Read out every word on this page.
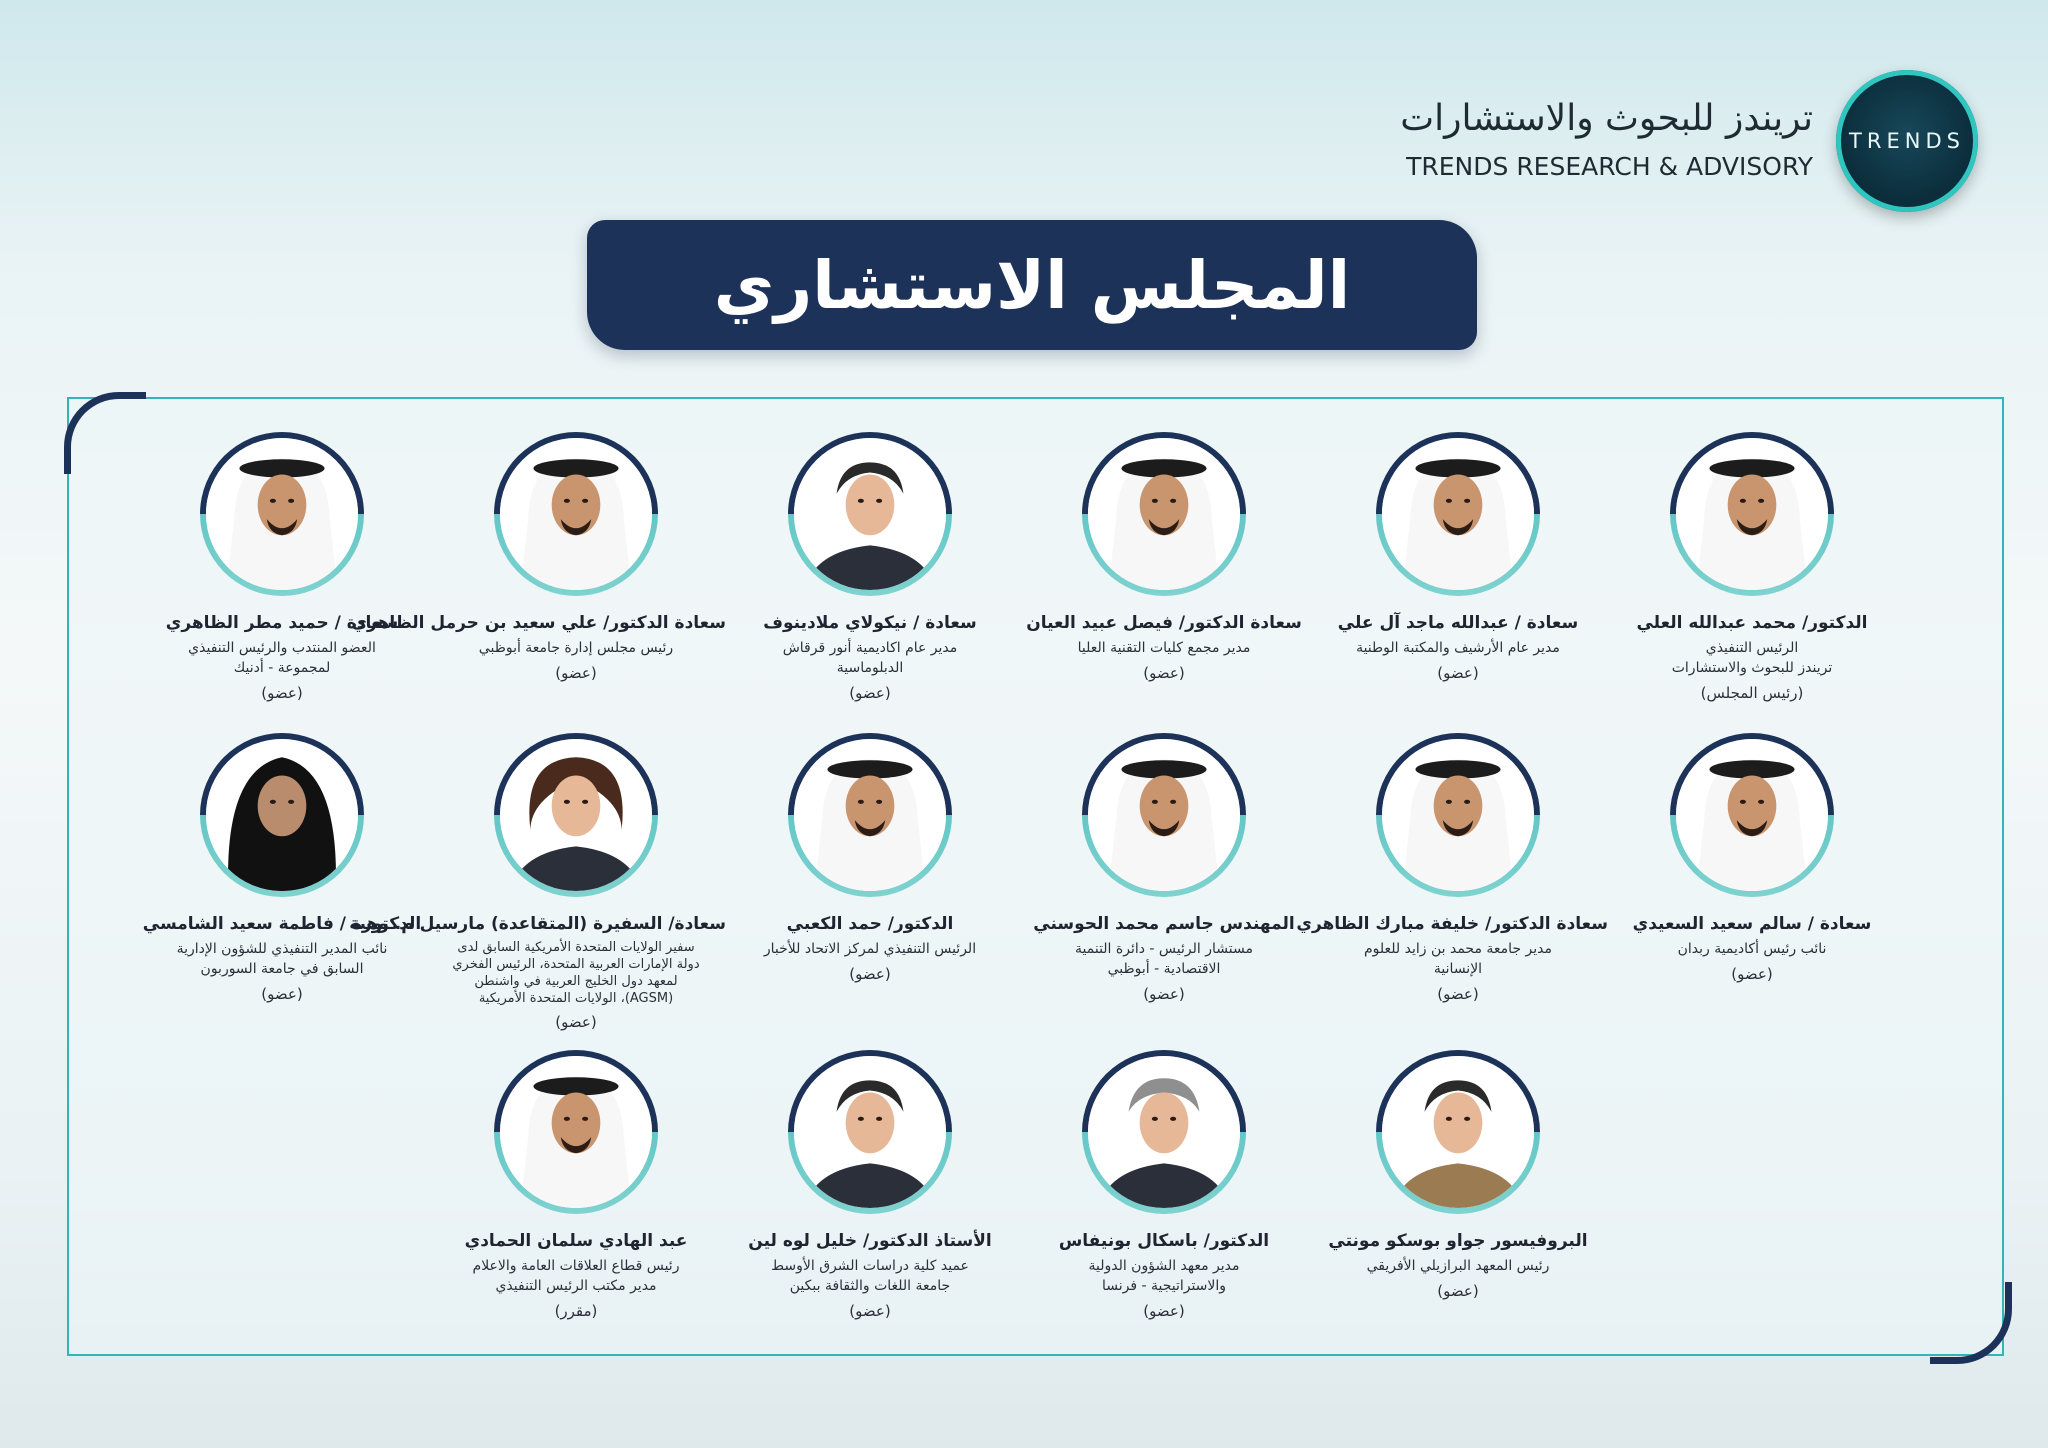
TRENDS
تريندز للبحوث والاستشارات
TRENDS RESEARCH & ADVISORY
المجلس الاستشاري
الدكتور/ محمد عبدالله العلي
الرئيس التنفيذي
تريندز للبحوث والاستشارات
(رئيس المجلس)
سعادة / عبدالله ماجد آل علي
مدير عام الأرشيف والمكتبة الوطنية
(عضو)
سعادة الدكتور/ فيصل عبيد العيان
مدير مجمع كليات التقنية العليا
(عضو)
سعادة / نيكولاي ملادينوف
مدير عام اكاديمية أنور قرقاش
الدبلوماسية
(عضو)
سعادة الدكتور/ علي سعيد بن حرمل الظاهري
رئيس مجلس إدارة جامعة أبوظبي
(عضو)
سعادة / حميد مطر الظاهري
العضو المنتدب والرئيس التنفيذي
لمجموعة - أدنيك
(عضو)
سعادة / سالم سعيد السعيدي
نائب رئيس أكاديمية ربدان
(عضو)
سعادة الدكتور/ خليفة مبارك الظاهري
مدير جامعة محمد بن زايد للعلوم
الإنسانية
(عضو)
المهندس جاسم محمد الحوسني
مستشار الرئيس - دائرة التنمية
الاقتصادية - أبوظبي
(عضو)
الدكتور/ حمد الكعبي
الرئيس التنفيذي لمركز الاتحاد للأخبار
(عضو)
سعادة/ السفيرة (المتقاعدة) مارسيل م. وهبة
سفير الولايات المتحدة الأمريكية السابق لدى
دولة الإمارات العربية المتحدة، الرئيس الفخري
لمعهد دول الخليج العربية في واشنطن
(AGSM)، الولايات المتحدة الأمريكية
(عضو)
الدكتورة / فاطمة سعيد الشامسي
نائب المدير التنفيذي للشؤون الإدارية
السابق في جامعة السوربون
(عضو)
البروفيسور جواو بوسكو مونتي
رئيس المعهد البرازيلي الأفريقي
(عضو)
الدكتور/ باسكال بونيفاس
مدير معهد الشؤون الدولية
والاستراتيجية - فرنسا
(عضو)
الأستاذ الدكتور/ خليل لوه لين
عميد كلية دراسات الشرق الأوسط
جامعة اللغات والثقافة ببكين
(عضو)
عبد الهادي سلمان الحمادي
رئيس قطاع العلاقات العامة والاعلام
مدير مكتب الرئيس التنفيذي
(مقرر)
